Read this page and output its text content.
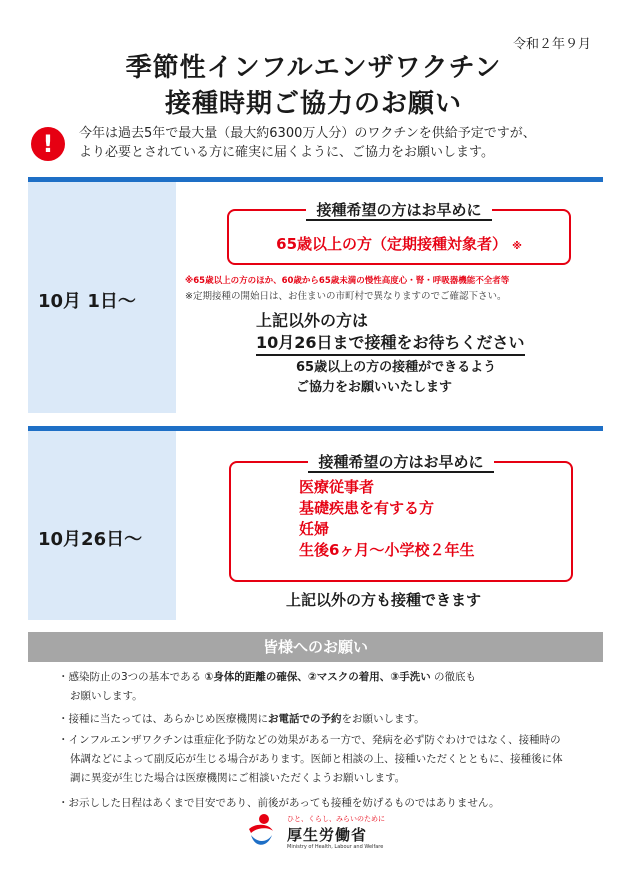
令和２年９月
季節性インフルエンザワクチン
接種時期ご協力のお願い
!	今年は過去5年で最大量（最大約6300万人分）のワクチンを供給予定ですが、
より必要とされている方に確実に届くように、ご協力をお願いします。
10月 1日～
接種希望の方はお早めに
65歳以上の方（定期接種対象者） ※
※65歳以上の方のほか、60歳から65歳未満の慢性高度心・腎・呼吸器機能不全者等
※定期接種の開始日は、お住まいの市町村で異なりますのでご確認下さい。
上記以外の方は
10月26日まで接種をお待ちください
65歳以上の方の接種ができるよう
ご協力をお願いいたします
10月26日～
接種希望の方はお早めに
医療従事者
基礎疾患を有する方
妊婦
生後6ヶ月～小学校２年生
上記以外の方も接種できます
皆様へのお願い
・感染防止の3つの基本である ①身体的距離の確保、②マスクの着用、③手洗い の徹底も
お願いします。
・接種に当たっては、あらかじめ医療機関にお電話での予約をお願いします。
・インフルエンザワクチンは重症化予防などの効果がある一方で、発病を必ず防ぐわけではなく、接種時の
体調などによって副反応が生じる場合があります。医師と相談の上、接種いただくとともに、接種後に体
調に異変が生じた場合は医療機関にご相談いただくようお願いします。
・お示しした日程はあくまで目安であり、前後があっても接種を妨げるものではありません。
ひと、くらし、みらいのために
厚生労働省
Ministry of Health, Labour and Welfare
